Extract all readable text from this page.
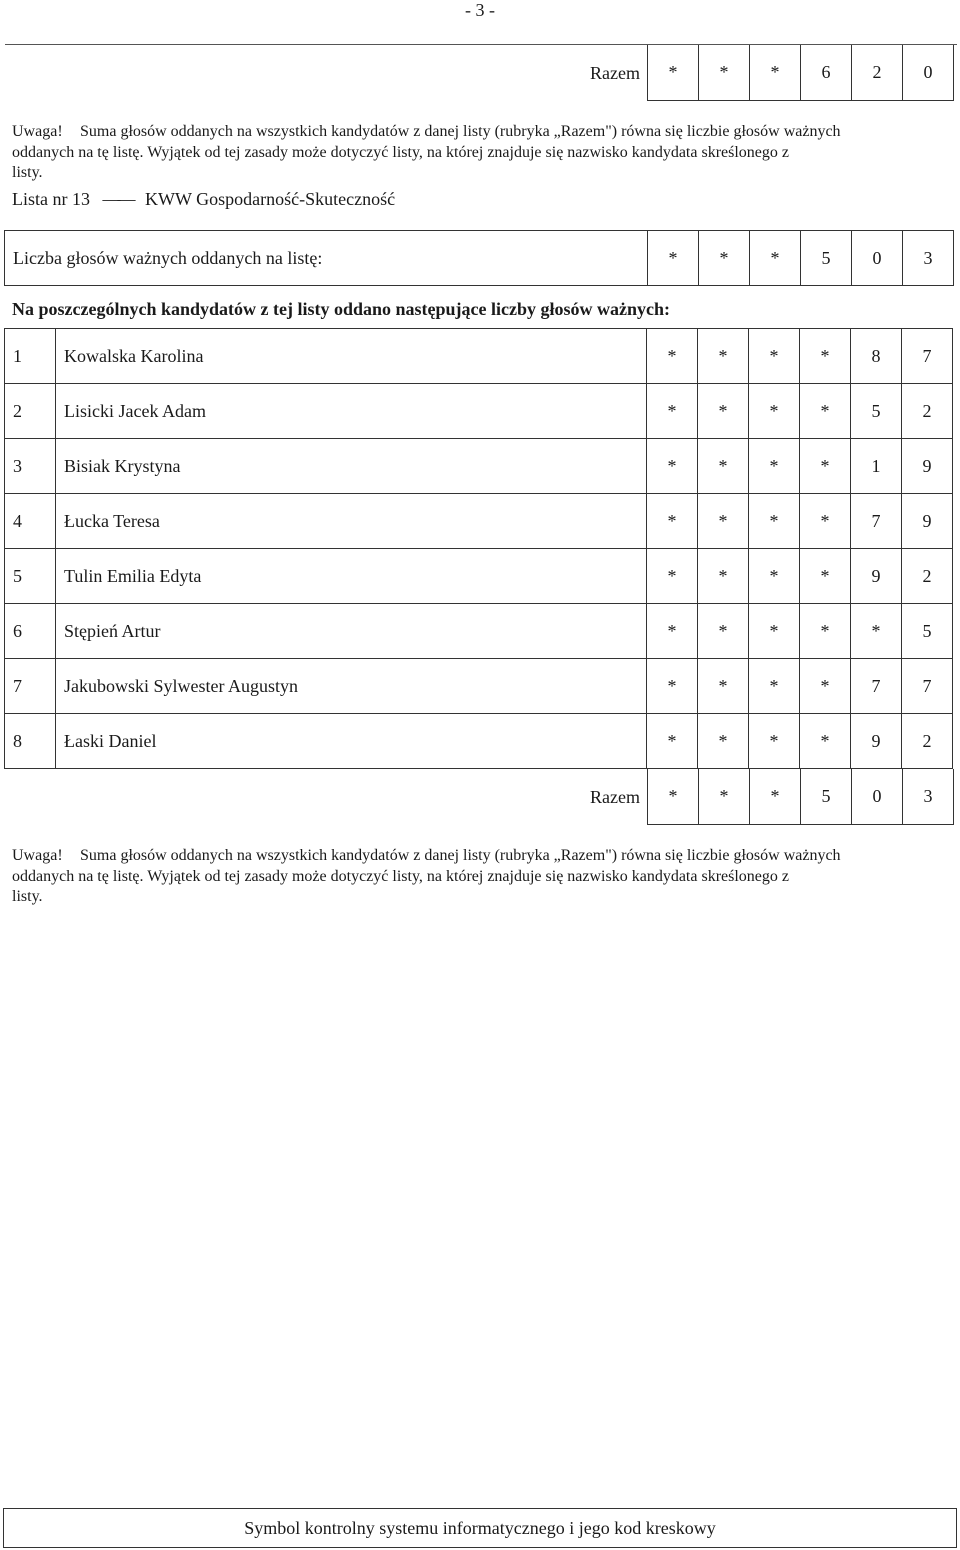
- 3 -
Razem	*	*	*	6	2	0
Uwaga! Suma głosów oddanych na wszystkich kandydatów z danej listy (rubryka „Razem") równa się liczbie głosów ważnych
oddanych na tę listę. Wyjątek od tej zasady może dotyczyć listy, na której znajduje się nazwisko kandydata skreślonego z
listy.
Lista nr 13 —— KWW Gospodarność-Skuteczność
Liczba głosów ważnych oddanych na listę:	*	*	*	5	0	3
Na poszczególnych kandydatów z tej listy oddano następujące liczby głosów ważnych:
1	Kowalska Karolina	*	*	*	*	8	7
2	Lisicki Jacek Adam	*	*	*	*	5	2
3	Bisiak Krystyna	*	*	*	*	1	9
4	Łucka Teresa	*	*	*	*	7	9
5	Tulin Emilia Edyta	*	*	*	*	9	2
6	Stępień Artur	*	*	*	*	*	5
7	Jakubowski Sylwester Augustyn	*	*	*	*	7	7
8	Łaski Daniel	*	*	*	*	9	2
Razem	*	*	*	5	0	3
Uwaga! Suma głosów oddanych na wszystkich kandydatów z danej listy (rubryka „Razem") równa się liczbie głosów ważnych
oddanych na tę listę. Wyjątek od tej zasady może dotyczyć listy, na której znajduje się nazwisko kandydata skreślonego z
listy.
Symbol kontrolny systemu informatycznego i jego kod kreskowy
